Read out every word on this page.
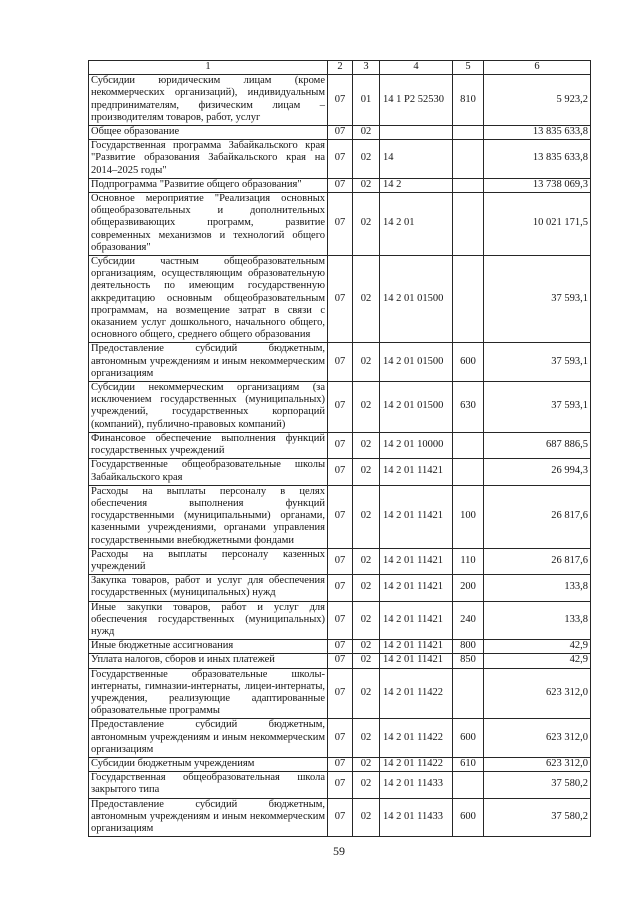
1	2	3	4	5	6
Субсидии юридическим лицам (кроме некоммерческих организаций), индивидуальным предпринимателям, физическим лицам – производителям товаров, работ, услуг	07	01	14 1 P2 52530	810	5 923,2
Общее образование	07	02			13 835 633,8
Государственная программа Забайкальского края "Развитие образования Забайкальского края на 2014–2025 годы"	07	02	14		13 835 633,8
Подпрограмма "Развитие общего образования"	07	02	14 2		13 738 069,3
Основное мероприятие "Реализация основных общеобразовательных и дополнительных общеразвивающих программ, развитие современных механизмов и технологий общего образования"	07	02	14 2 01		10 021 171,5
Субсидии частным общеобразовательным организациям, осуществляющим образовательную деятельность по имеющим государственную аккредитацию основным общеобразовательным программам, на возмещение затрат в связи с оказанием услуг дошкольного, начального общего, основного общего, среднего общего образования	07	02	14 2 01 01500		37 593,1
Предоставление субсидий бюджетным, автономным учреждениям и иным некоммерческим организациям	07	02	14 2 01 01500	600	37 593,1
Субсидии некоммерческим организациям (за исключением государственных (муниципальных) учреждений, государственных корпораций (компаний), публично-правовых компаний)	07	02	14 2 01 01500	630	37 593,1
Финансовое обеспечение выполнения функций государственных учреждений	07	02	14 2 01 10000		687 886,5
Государственные общеобразовательные школы Забайкальского края	07	02	14 2 01 11421		26 994,3
Расходы на выплаты персоналу в целях обеспечения выполнения функций государственными (муниципальными) органами, казенными учреждениями, органами управления государственными внебюджетными фондами	07	02	14 2 01 11421	100	26 817,6
Расходы на выплаты персоналу казенных учреждений	07	02	14 2 01 11421	110	26 817,6
Закупка товаров, работ и услуг для обеспечения государственных (муниципальных) нужд	07	02	14 2 01 11421	200	133,8
Иные закупки товаров, работ и услуг для обеспечения государственных (муниципальных) нужд	07	02	14 2 01 11421	240	133,8
Иные бюджетные ассигнования	07	02	14 2 01 11421	800	42,9
Уплата налогов, сборов и иных платежей	07	02	14 2 01 11421	850	42,9
Государственные образовательные школы-интернаты, гимназии-интернаты, лицеи-интернаты, учреждения, реализующие адаптированные образовательные программы	07	02	14 2 01 11422		623 312,0
Предоставление субсидий бюджетным, автономным учреждениям и иным некоммерческим организациям	07	02	14 2 01 11422	600	623 312,0
Субсидии бюджетным учреждениям	07	02	14 2 01 11422	610	623 312,0
Государственная общеобразовательная школа закрытого типа	07	02	14 2 01 11433		37 580,2
Предоставление субсидий бюджетным, автономным учреждениям и иным некоммерческим организациям	07	02	14 2 01 11433	600	37 580,2
59
